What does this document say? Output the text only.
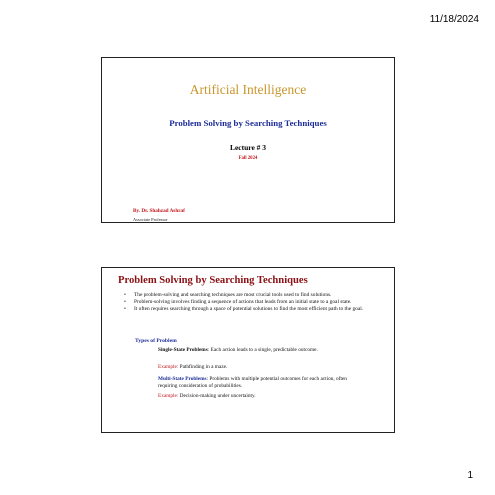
11/18/2024
Artificial Intelligence
Problem Solving by Searching Techniques
Lecture # 3
Fall 2024
By. Dr. Shahzad Ashraf
Associate Professor
Problem Solving by Searching Techniques
• The problem-solving and searching techniques are most crucial tools used to find solutions.
• Problem-solving involves finding a sequence of actions that leads from an initial state to a goal state.
• It often requires searching through a space of potential solutions to find the most efficient path to the goal.
Types of Problem
Single-State Problems: Each action leads to a single, predictable outcome.
Example: Pathfinding in a maze.
Multi-State Problems: Problems with multiple potential outcomes for each action, often requiring consideration of probabilities.
Example: Decision-making under uncertainty.
1
